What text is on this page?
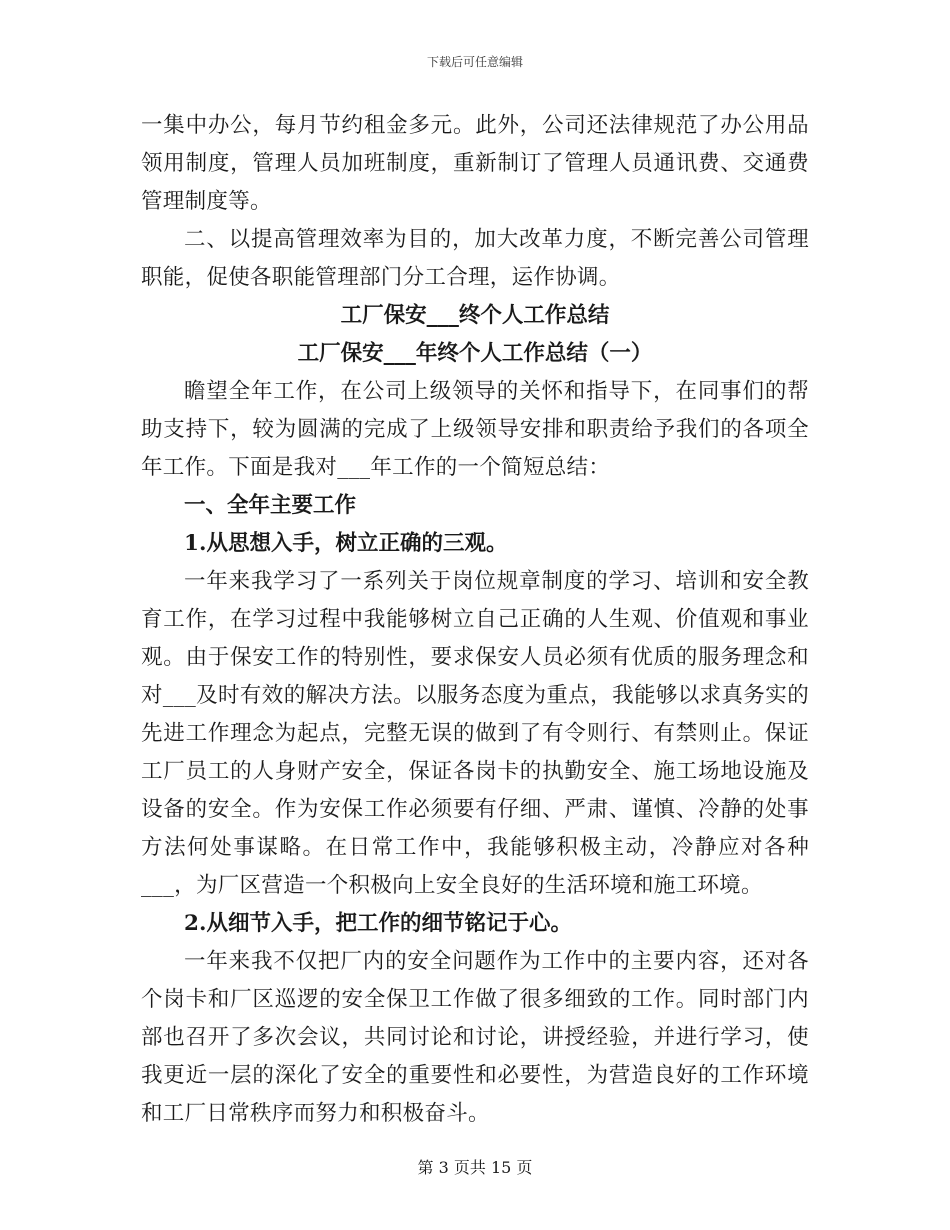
下载后可任意编辑

一集中办公，每月节约租金多元。此外，公司还法律规范了办公用品领用制度，管理人员加班制度，重新制订了管理人员通讯费、交通费管理制度等。

二、以提高管理效率为目的，加大改革力度，不断完善公司管理职能，促使各职能管理部门分工合理，运作协调。

工厂保安___终个人工作总结

工厂保安___年终个人工作总结（一）

瞻望全年工作，在公司上级领导的关怀和指导下，在同事们的帮助支持下，较为圆满的完成了上级领导安排和职责给予我们的各项全年工作。下面是我对___年工作的一个简短总结：

一、全年主要工作

1.从思想入手，树立正确的三观。

一年来我学习了一系列关于岗位规章制度的学习、培训和安全教育工作，在学习过程中我能够树立自己正确的人生观、价值观和事业观。由于保安工作的特别性，要求保安人员必须有优质的服务理念和对___及时有效的解决方法。以服务态度为重点，我能够以求真务实的先进工作理念为起点，完整无误的做到了有令则行、有禁则止。保证工厂员工的人身财产安全，保证各岗卡的执勤安全、施工场地设施及设备的安全。作为安保工作必须要有仔细、严肃、谨慎、冷静的处事方法何处事谋略。在日常工作中，我能够积极主动，冷静应对各种___，为厂区营造一个积极向上安全良好的生活环境和施工环境。

2.从细节入手，把工作的细节铭记于心。

一年来我不仅把厂内的安全问题作为工作中的主要内容，还对各个岗卡和厂区巡逻的安全保卫工作做了很多细致的工作。同时部门内部也召开了多次会议，共同讨论和讨论，讲授经验，并进行学习，使我更近一层的深化了安全的重要性和必要性，为营造良好的工作环境和工厂日常秩序而努力和积极奋斗。

第 3 页共 15 页
